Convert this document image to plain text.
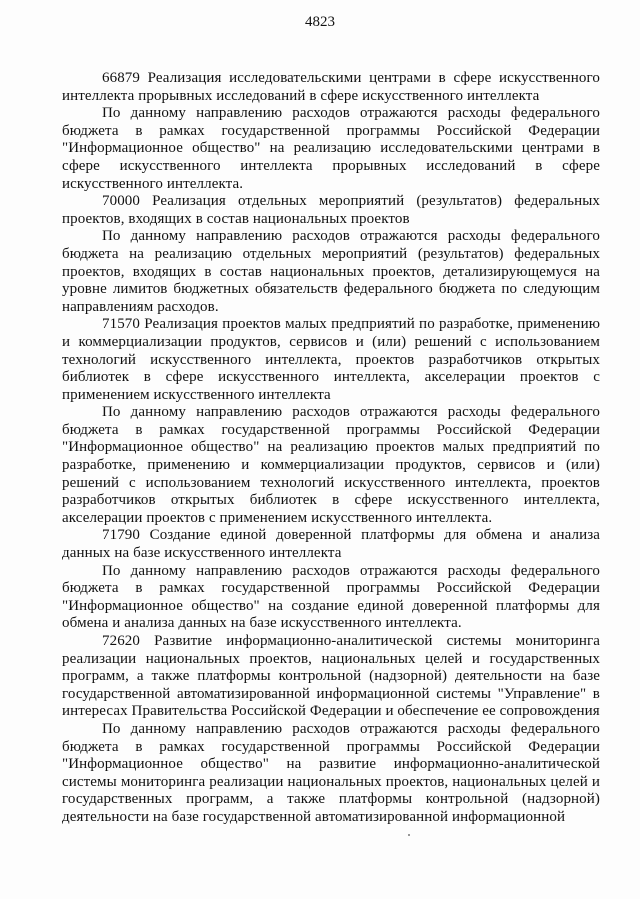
4823

66879 Реализация исследовательскими центрами в сфере искусственного интеллекта прорывных исследований в сфере искусственного интеллекта

По данному направлению расходов отражаются расходы федерального бюджета в рамках государственной программы Российской Федерации "Информационное общество" на реализацию исследовательскими центрами в сфере искусственного интеллекта прорывных исследований в сфере искусственного интеллекта.

70000 Реализация отдельных мероприятий (результатов) федеральных проектов, входящих в состав национальных проектов

По данному направлению расходов отражаются расходы федерального бюджета на реализацию отдельных мероприятий (результатов) федеральных проектов, входящих в состав национальных проектов, детализирующемуся на уровне лимитов бюджетных обязательств федерального бюджета по следующим направлениям расходов.

71570 Реализация проектов малых предприятий по разработке, применению и коммерциализации продуктов, сервисов и (или) решений с использованием технологий искусственного интеллекта, проектов разработчиков открытых библиотек в сфере искусственного интеллекта, акселерации проектов с применением искусственного интеллекта

По данному направлению расходов отражаются расходы федерального бюджета в рамках государственной программы Российской Федерации "Информационное общество" на реализацию проектов малых предприятий по разработке, применению и коммерциализации продуктов, сервисов и (или) решений с использованием технологий искусственного интеллекта, проектов разработчиков открытых библиотек в сфере искусственного интеллекта, акселерации проектов с применением искусственного интеллекта.

71790 Создание единой доверенной платформы для обмена и анализа данных на базе искусственного интеллекта

По данному направлению расходов отражаются расходы федерального бюджета в рамках государственной программы Российской Федерации "Информационное общество" на создание единой доверенной платформы для обмена и анализа данных на базе искусственного интеллекта.

72620 Развитие информационно-аналитической системы мониторинга реализации национальных проектов, национальных целей и государственных программ, а также платформы контрольной (надзорной) деятельности на базе государственной автоматизированной информационной системы "Управление" в интересах Правительства Российской Федерации и обеспечение ее сопровождения

По данному направлению расходов отражаются расходы федерального бюджета в рамках государственной программы Российской Федерации "Информационное общество" на развитие информационно-аналитической системы мониторинга реализации национальных проектов, национальных целей и государственных программ, а также платформы контрольной (надзорной) деятельности на базе государственной автоматизированной информационной
